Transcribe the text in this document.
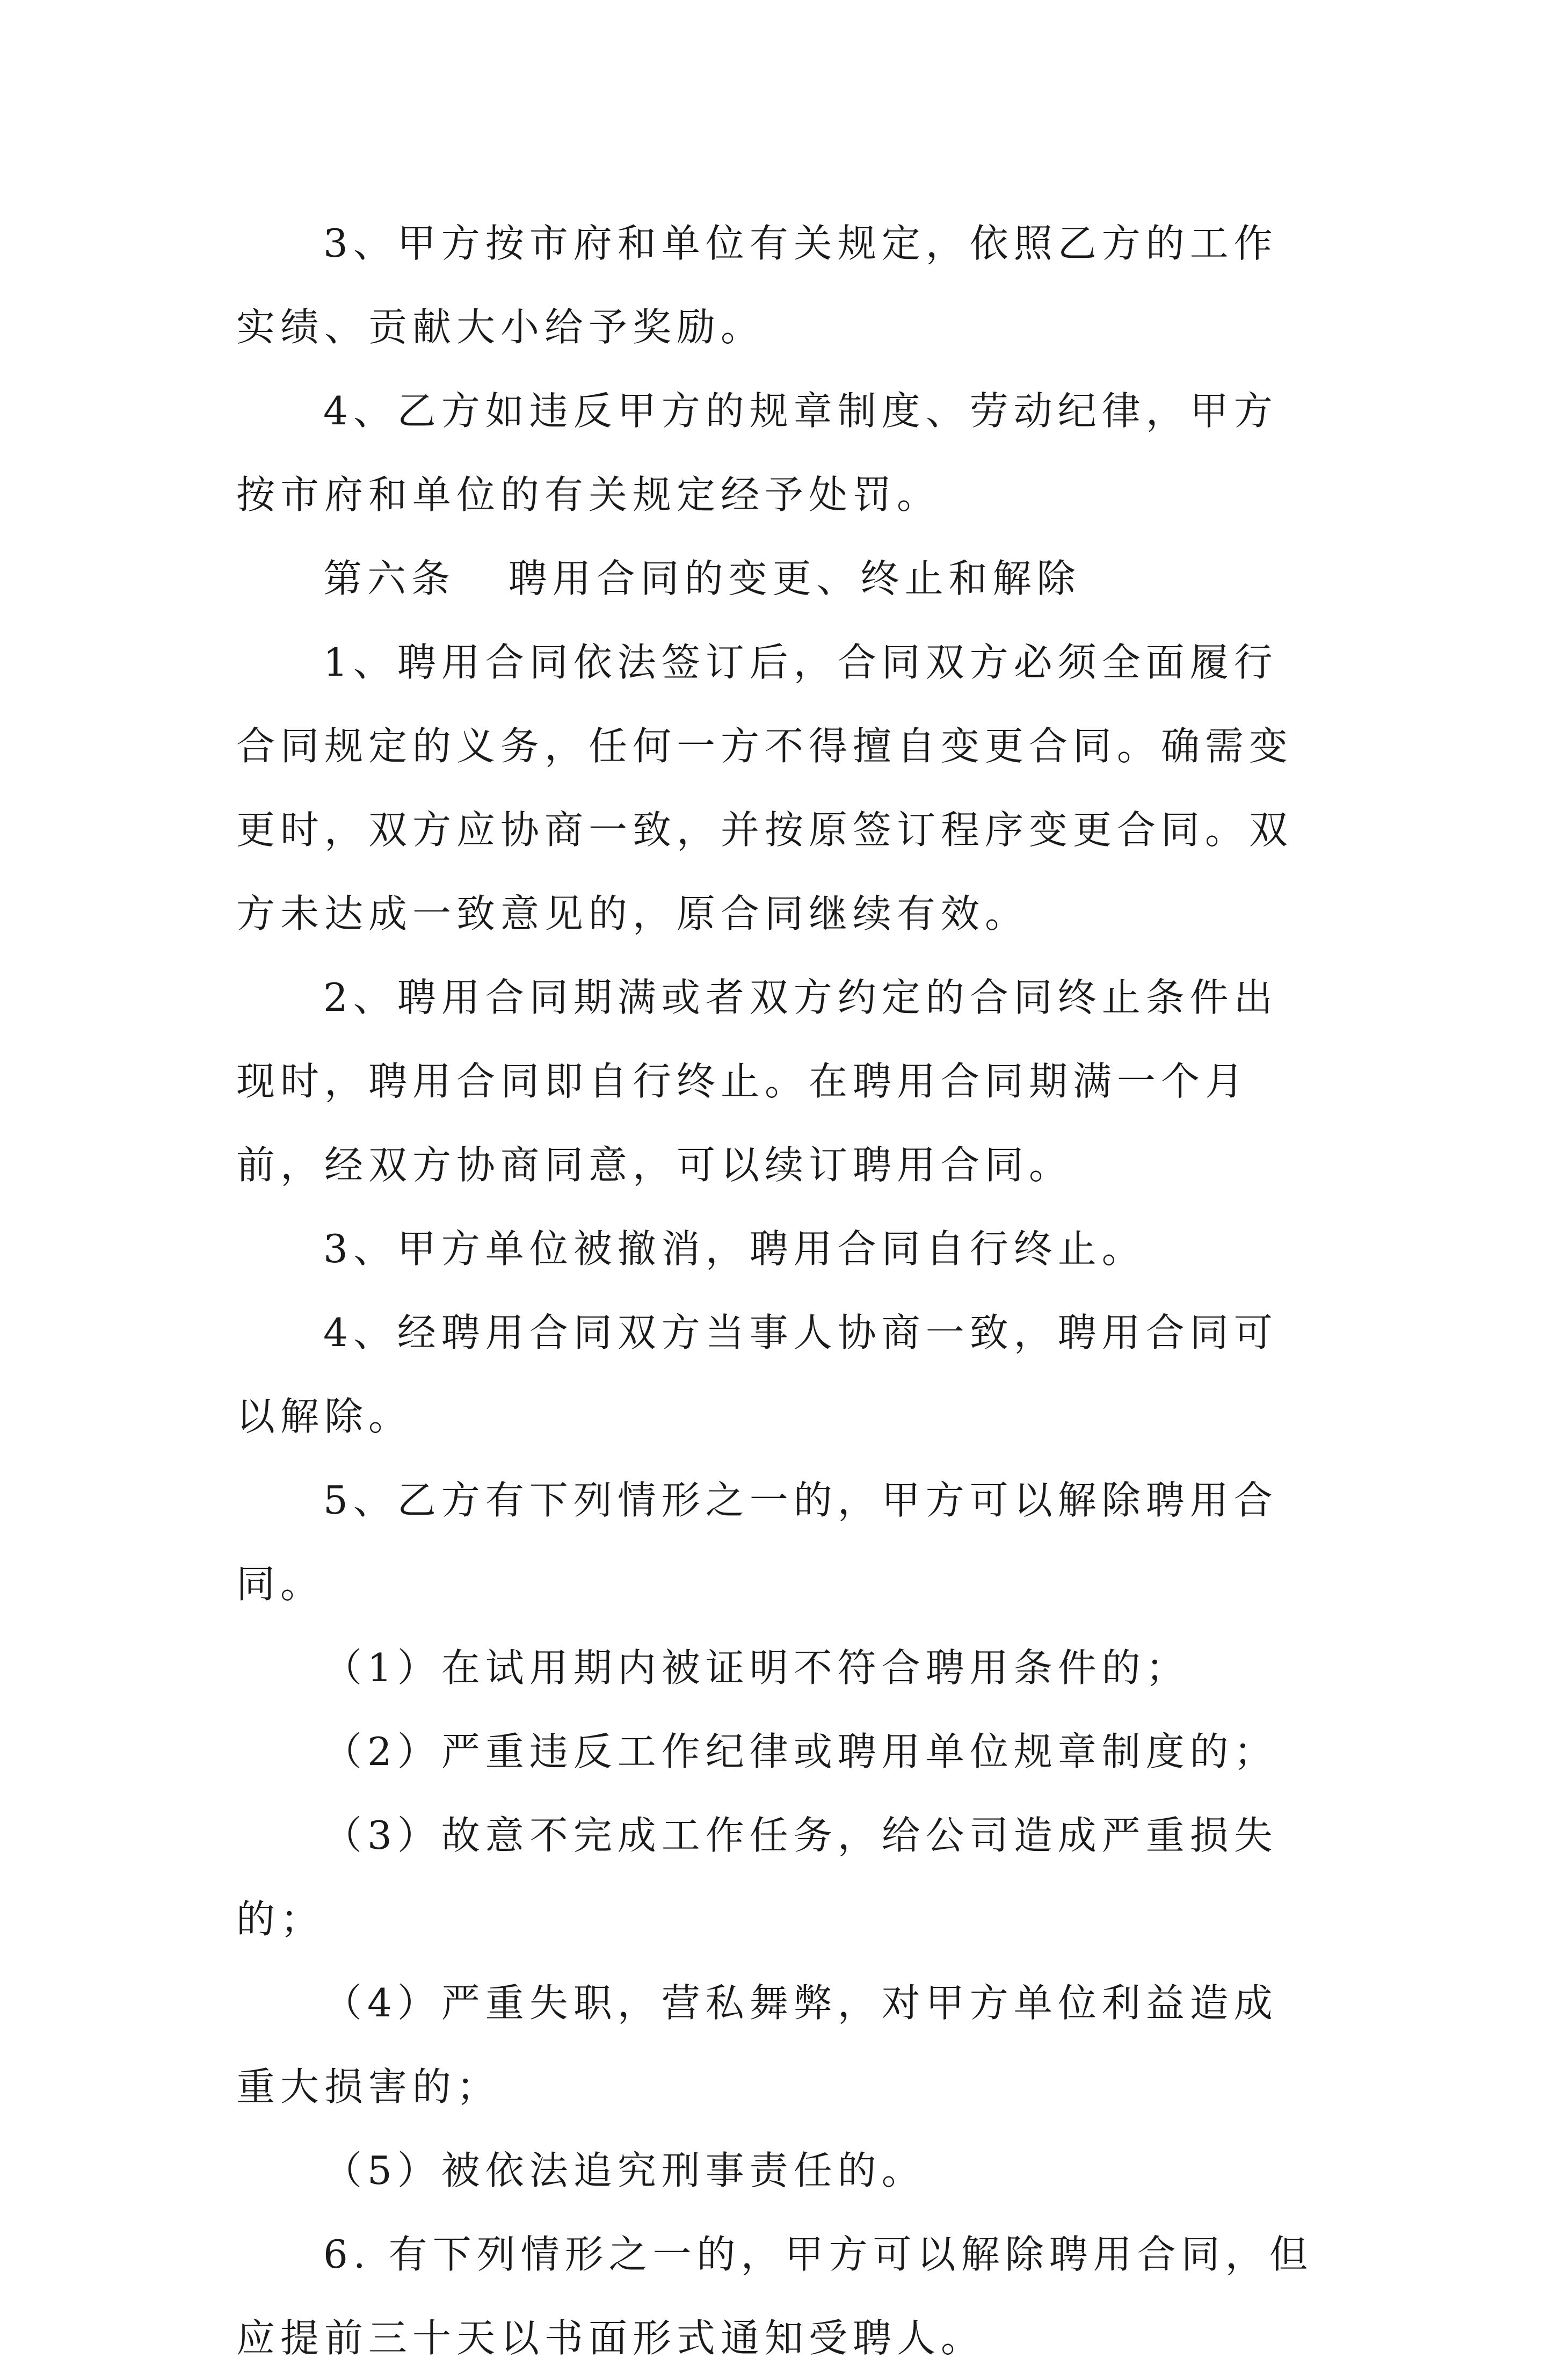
3、甲方按市府和单位有关规定，依照乙方的工作实绩、贡献大小给予奖励。

4、乙方如违反甲方的规章制度、劳动纪律，甲方按市府和单位的有关规定经予处罚。

第六条   聘用合同的变更、终止和解除

1、聘用合同依法签订后，合同双方必须全面履行合同规定的义务，任何一方不得擅自变更合同。确需变更时，双方应协商一致，并按原签订程序变更合同。双方未达成一致意见的，原合同继续有效。

2、聘用合同期满或者双方约定的合同终止条件出现时，聘用合同即自行终止。在聘用合同期满一个月前，经双方协商同意，可以续订聘用合同。

3、甲方单位被撤消，聘用合同自行终止。

4、经聘用合同双方当事人协商一致，聘用合同可以解除。

5、乙方有下列情形之一的，甲方可以解除聘用合同。

（1）在试用期内被证明不符合聘用条件的；

（2）严重违反工作纪律或聘用单位规章制度的；

（3）故意不完成工作任务，给公司造成严重损失的；

（4）严重失职，营私舞弊，对甲方单位利益造成重大损害的；

（5）被依法追究刑事责任的。

6. 有下列情形之一的，甲方可以解除聘用合同，但应提前三十天以书面形式通知受聘人。
